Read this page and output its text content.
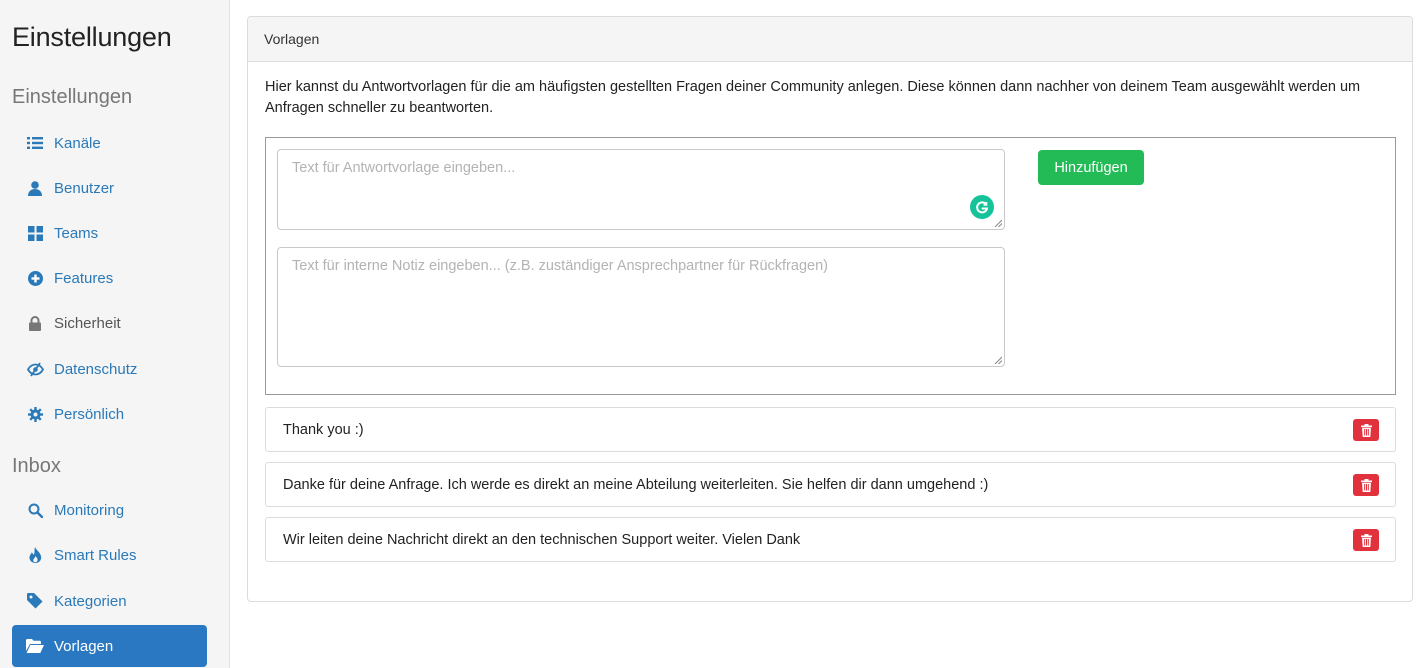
Einstellungen
Einstellungen
Kanäle
Benutzer
Teams
Features
Sicherheit
Datenschutz
Persönlich
Inbox
Monitoring
Smart Rules
Kategorien
Vorlagen
Vorlagen
Hier kannst du Antwortvorlagen für die am häufigsten gestellten Fragen deiner Community anlegen. Diese können dann nachher von deinem Team ausgewählt werden um Anfragen schneller zu beantworten.
Text für Antwortvorlage eingeben...
Text für interne Notiz eingeben... (z.B. zuständiger Ansprechpartner für Rückfragen)
Hinzufügen
Thank you :)
Danke für deine Anfrage. Ich werde es direkt an meine Abteilung weiterleiten. Sie helfen dir dann umgehend :)
Wir leiten deine Nachricht direkt an den technischen Support weiter. Vielen Dank
